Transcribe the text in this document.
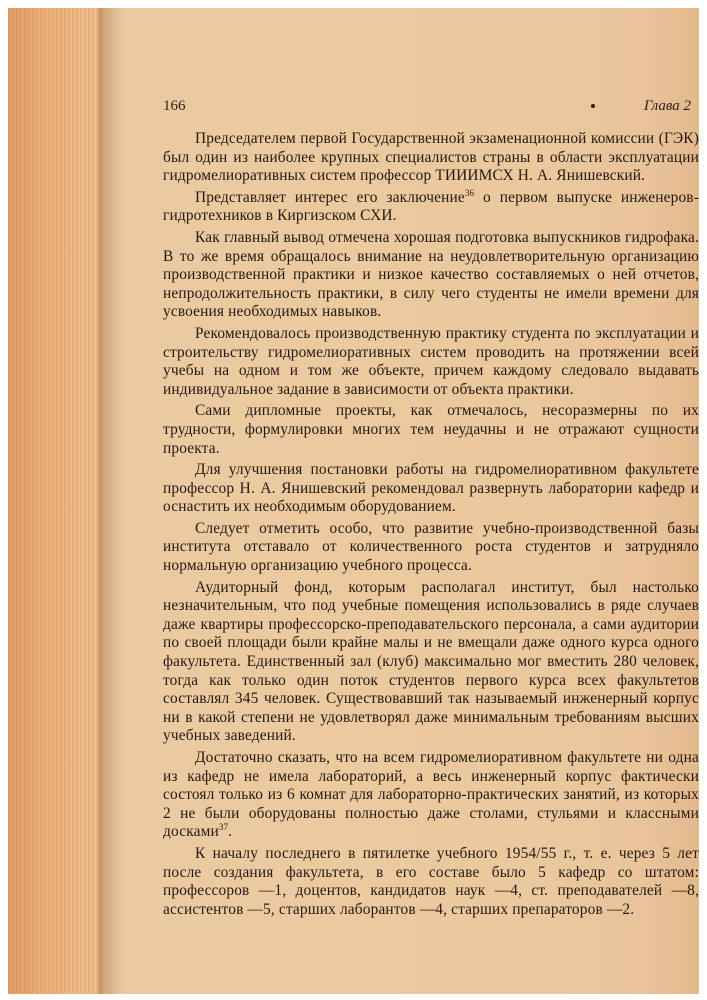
166	Глава 2

Председателем первой Государственной экзаменационной комиссии (ГЭК) был один из наиболее крупных специалистов страны в области эксплуатации гидромелиоративных систем профессор ТИИИМСХ Н. А. Янишевский.

Представляет интерес его заключение$^{36}$ о первом выпуске инженеров-гидротехников в Киргизском СХИ.

Как главный вывод отмечена хорошая подготовка выпускников гидрофака. В то же время обращалось внимание на неудовлетворительную организацию производственной практики и низкое качество составляемых о ней отчетов, непродолжительность практики, в силу чего студенты не имели времени для усвоения необходимых навыков.

Рекомендовалось производственную практику студента по эксплуатации и строительству гидромелиоративных систем проводить на протяжении всей учебы на одном и том же объекте, причем каждому следовало выдавать индивидуальное задание в зависимости от объекта практики.

Сами дипломные проекты, как отмечалось, несоразмерны по их трудности, формулировки многих тем неудачны и не отражают сущности проекта.

Для улучшения постановки работы на гидромелиоративном факультете профессор Н. А. Янишевский рекомендовал развернуть лаборатории кафедр и оснастить их необходимым оборудованием.

Следует отметить особо, что развитие учебно-производственной базы института отставало от количественного роста студентов и затрудняло нормальную организацию учебного процесса.

Аудиторный фонд, которым располагал институт, был настолько незначительным, что под учебные помещения использовались в ряде случаев даже квартиры профессорско-преподавательского персонала, а сами аудитории по своей площади были крайне малы и не вмещали даже одного курса одного факультета. Единственный зал (клуб) максимально мог вместить 280 человек, тогда как только один поток студентов первого курса всех факультетов составлял 345 человек. Существовавший так называемый инженерный корпус ни в какой степени не удовлетворял даже минимальным требованиям высших учебных заведений.

Достаточно сказать, что на всем гидромелиоративном факультете ни одна из кафедр не имела лабораторий, а весь инженерный корпус фактически состоял только из 6 комнат для лабораторно-практических занятий, из которых 2 не были оборудованы полностью даже столами, стульями и классными досками$^{37}$.

К началу последнего в пятилетке учебного 1954/55 г., т. е. через 5 лет после создания факультета, в его составе было 5 кафедр со штатом: профессоров —1, доцентов, кандидатов наук —4, ст. преподавателей —8, ассистентов —5, старших лаборантов —4, старших препараторов —2.
